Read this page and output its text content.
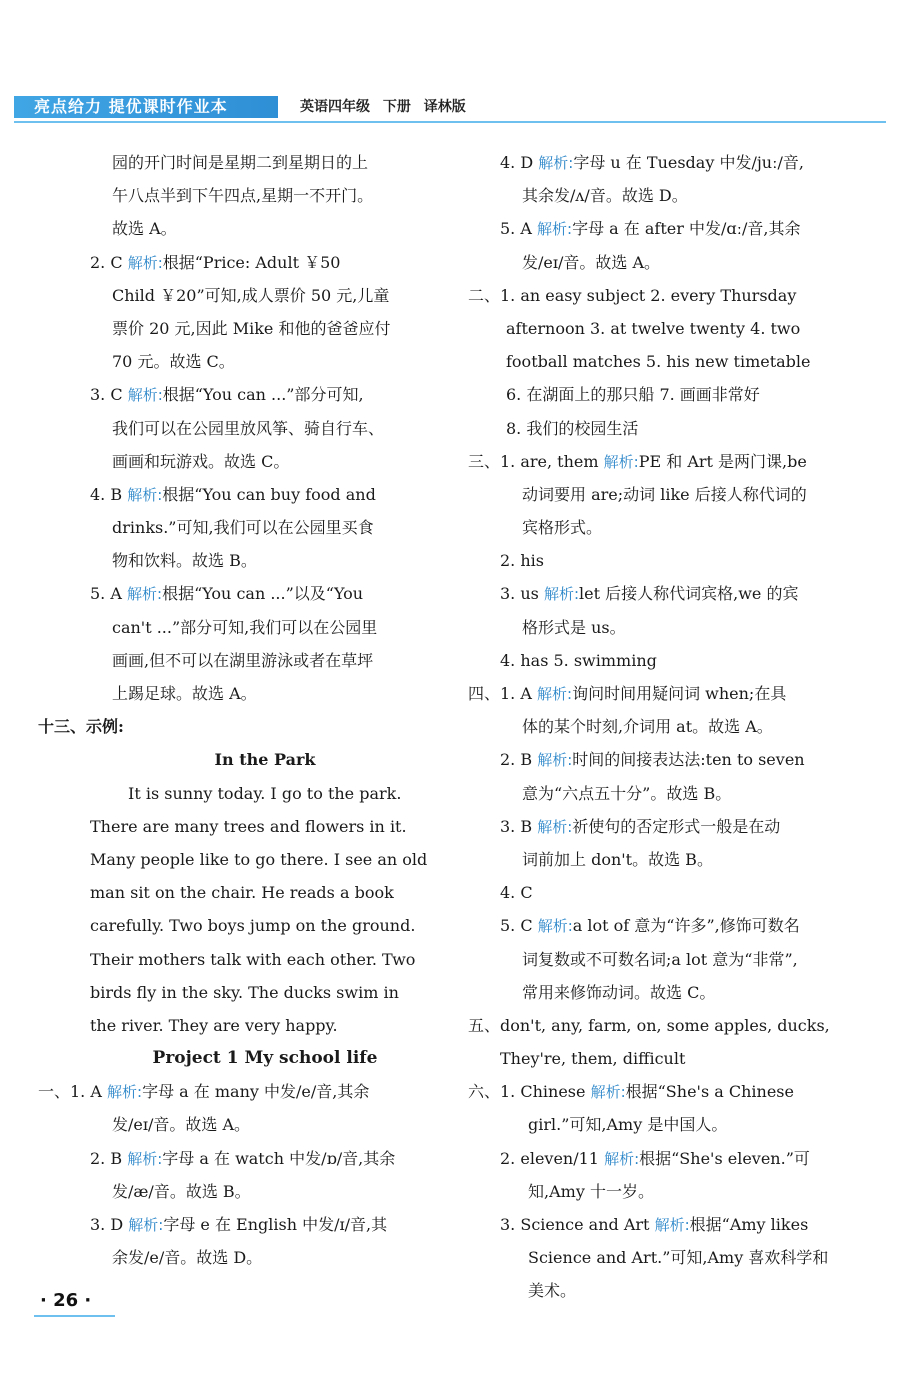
亮点给力 提优课时作业本	英语四年级 下册 译林版
园的开门时间是星期二到星期日的上
午八点半到下午四点,星期一不开门。
故选 A。
2. C 解析:根据“Price: Adult ￥50
Child ￥20”可知,成人票价 50 元,儿童
票价 20 元,因此 Mike 和他的爸爸应付
70 元。故选 C。
3. C 解析:根据“You can ...”部分可知,
我们可以在公园里放风筝、骑自行车、
画画和玩游戏。故选 C。
4. B 解析:根据“You can buy food and
drinks.”可知,我们可以在公园里买食
物和饮料。故选 B。
5. A 解析:根据“You can ...”以及“You
can't ...”部分可知,我们可以在公园里
画画,但不可以在湖里游泳或者在草坪
上踢足球。故选 A。
十三、示例:
In the Park
It is sunny today. I go to the park.
There are many trees and flowers in it.
Many people like to go there. I see an old
man sit on the chair. He reads a book
carefully. Two boys jump on the ground.
Their mothers talk with each other. Two
birds fly in the sky. The ducks swim in
the river. They are very happy.
Project 1 My school life
一、1. A 解析:字母 a 在 many 中发/e/音,其余
发/eɪ/音。故选 A。
2. B 解析:字母 a 在 watch 中发/ɒ/音,其余
发/æ/音。故选 B。
3. D 解析:字母 e 在 English 中发/ɪ/音,其
余发/e/音。故选 D。
4. D 解析:字母 u 在 Tuesday 中发/juː/音,
其余发/ʌ/音。故选 D。
5. A 解析:字母 a 在 after 中发/ɑː/音,其余
发/eɪ/音。故选 A。
二、1. an easy subject 2. every Thursday
afternoon 3. at twelve twenty 4. two
football matches 5. his new timetable
6. 在湖面上的那只船 7. 画画非常好
8. 我们的校园生活
三、1. are, them 解析:PE 和 Art 是两门课,be
动词要用 are;动词 like 后接人称代词的
宾格形式。
2. his
3. us 解析:let 后接人称代词宾格,we 的宾
格形式是 us。
4. has 5. swimming
四、1. A 解析:询问时间用疑问词 when;在具
体的某个时刻,介词用 at。故选 A。
2. B 解析:时间的间接表达法:ten to seven
意为“六点五十分”。故选 B。
3. B 解析:祈使句的否定形式一般是在动
词前加上 don't。故选 B。
4. C
5. C 解析:a lot of 意为“许多”,修饰可数名
词复数或不可数名词;a lot 意为“非常”,
常用来修饰动词。故选 C。
五、don't, any, farm, on, some apples, ducks,
They're, them, difficult
六、1. Chinese 解析:根据“She's a Chinese
girl.”可知,Amy 是中国人。
2. eleven/11 解析:根据“She's eleven.”可
知,Amy 十一岁。
3. Science and Art 解析:根据“Amy likes
Science and Art.”可知,Amy 喜欢科学和
美术。
· 26 ·
